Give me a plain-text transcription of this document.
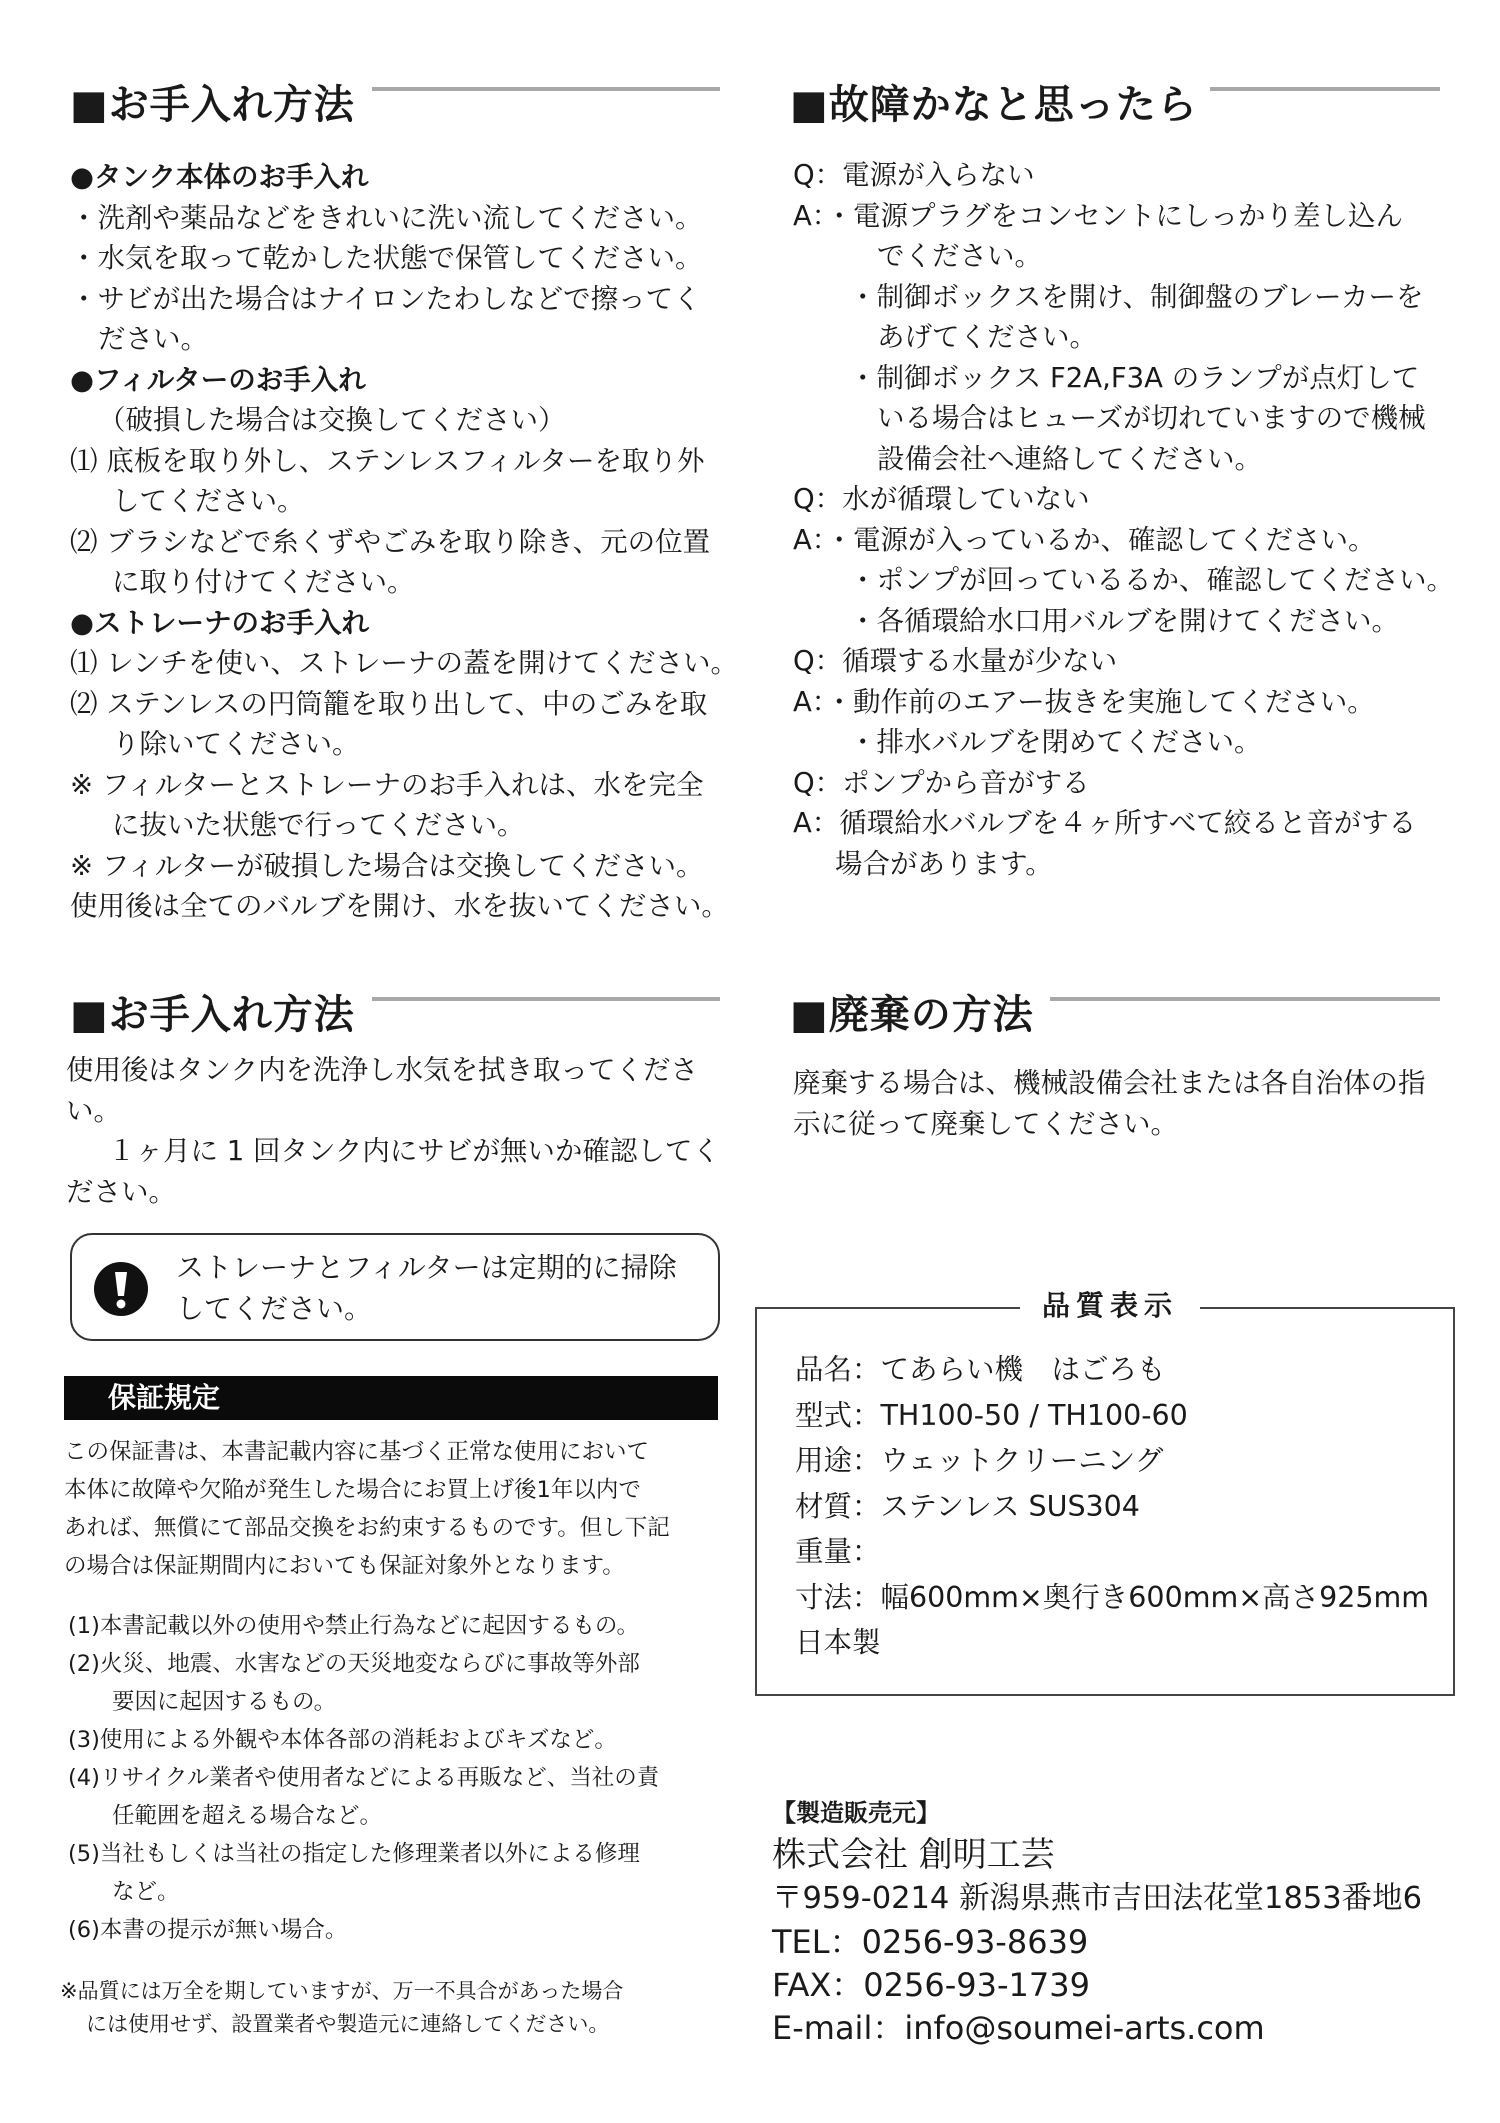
■お手入れ方法
●タンク本体のお手入れ
・洗剤や薬品などをきれいに洗い流してください。
・水気を取って乾かした状態で保管してください。
・サビが出た場合はナイロンたわしなどで擦ってく
ださい。
●フィルターのお手入れ
（破損した場合は交換してください）
⑴ 底板を取り外し、ステンレスフィルターを取り外
してください。
⑵ ブラシなどで糸くずやごみを取り除き、元の位置
に取り付けてください。
●ストレーナのお手入れ
⑴ レンチを使い、ストレーナの蓋を開けてください。
⑵ ステンレスの円筒籠を取り出して、中のごみを取
り除いてください。
※ フィルターとストレーナのお手入れは、水を完全
に抜いた状態で行ってください。
※ フィルターが破損した場合は交換してください。
使用後は全てのバルブを開け、水を抜いてください。
■故障かなと思ったら
Q：電源が入らない
A：・電源プラグをコンセントにしっかり差し込ん
でください。
・制御ボックスを開け、制御盤のブレーカーを
あげてください。
・制御ボックス F2A,F3A のランプが点灯して
いる場合はヒューズが切れていますので機械
設備会社へ連絡してください。
Q：水が循環していない
A：・電源が入っているか、確認してください。
・ポンプが回っているるか、確認してください。
・各循環給水口用バルブを開けてください。
Q：循環する水量が少ない
A：・動作前のエアー抜きを実施してください。
・排水バルブを閉めてください。
Q：ポンプから音がする
A：循環給水バルブを４ヶ所すべて絞ると音がする
場合があります。
■お手入れ方法
使用後はタンク内を洗浄し水気を拭き取ってくださ
い。
１ヶ月に 1 回タンク内にサビが無いか確認してく
ださい。
ストレーナとフィルターは定期的に掃除
してください。
保証規定
この保証書は、本書記載内容に基づく正常な使用において
本体に故障や欠陥が発生した場合にお買上げ後1年以内で
あれば、無償にて部品交換をお約束するものです。但し下記
の場合は保証期間内においても保証対象外となります。
(1)本書記載以外の使用や禁止行為などに起因するもの。
(2)火災、地震、水害などの天災地変ならびに事故等外部
要因に起因するもの。
(3)使用による外観や本体各部の消耗およびキズなど。
(4)リサイクル業者や使用者などによる再販など、当社の責
任範囲を超える場合など。
(5)当社もしくは当社の指定した修理業者以外による修理
など。
(6)本書の提示が無い場合。
※品質には万全を期していますが、万一不具合があった場合
には使用せず、設置業者や製造元に連絡してください。
■廃棄の方法
廃棄する場合は、機械設備会社または各自治体の指
示に従って廃棄してください。
品質表示
品名：てあらい機　はごろも
型式：TH100-50 / TH100-60
用途：ウェットクリーニング
材質：ステンレス SUS304
重量：
寸法：幅600mm×奥行き600mm×高さ925mm
日本製
【製造販売元】
株式会社 創明工芸
〒959-0214 新潟県燕市吉田法花堂1853番地6
TEL：0256-93-8639
FAX：0256-93-1739
E-mail：info@soumei-arts.com
